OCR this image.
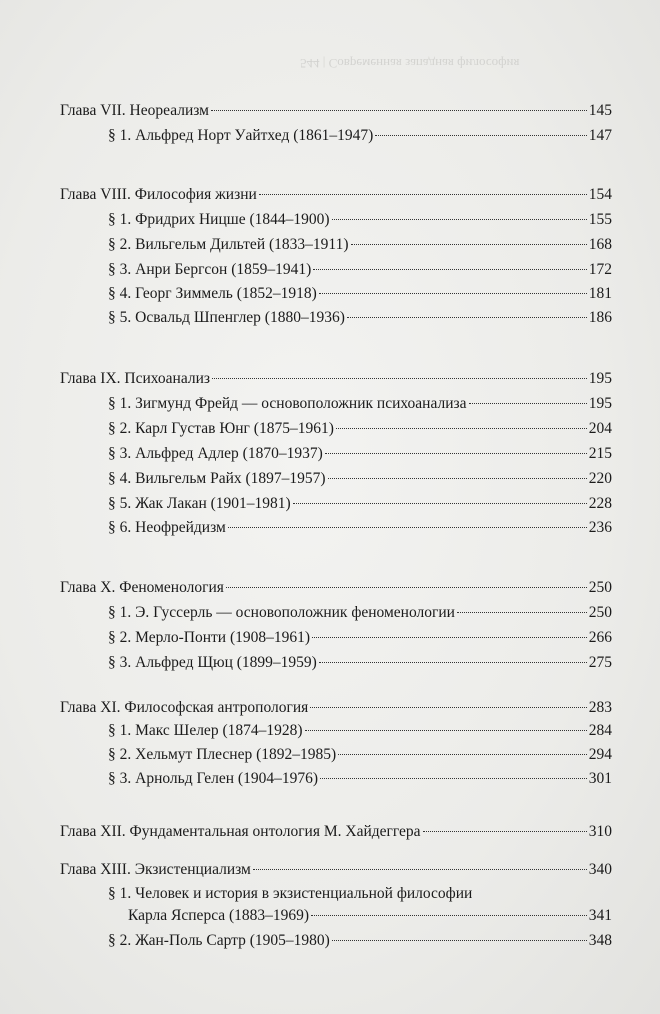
544 | Современная западная философия
Глава VII. Неореализм	145
§ 1. Альфред Норт Уайтхед (1861–1947)	147
Глава VIII. Философия жизни	154
§ 1. Фридрих Ницше (1844–1900)	155
§ 2. Вильгельм Дильтей (1833–1911)	168
§ 3. Анри Бергсон (1859–1941)	172
§ 4. Георг Зиммель (1852–1918)	181
§ 5. Освальд Шпенглер (1880–1936)	186
Глава IX. Психоанализ	195
§ 1. Зигмунд Фрейд — основоположник психоанализа	195
§ 2. Карл Густав Юнг (1875–1961)	204
§ 3. Альфред Адлер (1870–1937)	215
§ 4. Вильгельм Райх (1897–1957)	220
§ 5. Жак Лакан (1901–1981)	228
§ 6. Неофрейдизм	236
Глава X. Феноменология	250
§ 1. Э. Гуссерль — основоположник феноменологии	250
§ 2. Мерло-Понти (1908–1961)	266
§ 3. Альфред Щюц (1899–1959)	275
Глава XI. Философская антропология	283
§ 1. Макс Шелер (1874–1928)	284
§ 2. Хельмут Плеснер (1892–1985)	294
§ 3. Арнольд Гелен (1904–1976)	301
Глава XII. Фундаментальная онтология М. Хайдеггера	310
Глава XIII. Экзистенциализм	340
§ 1. Человек и история в экзистенциальной философии
Карла Ясперса (1883–1969)	341
§ 2. Жан-Поль Сартр (1905–1980)	348
